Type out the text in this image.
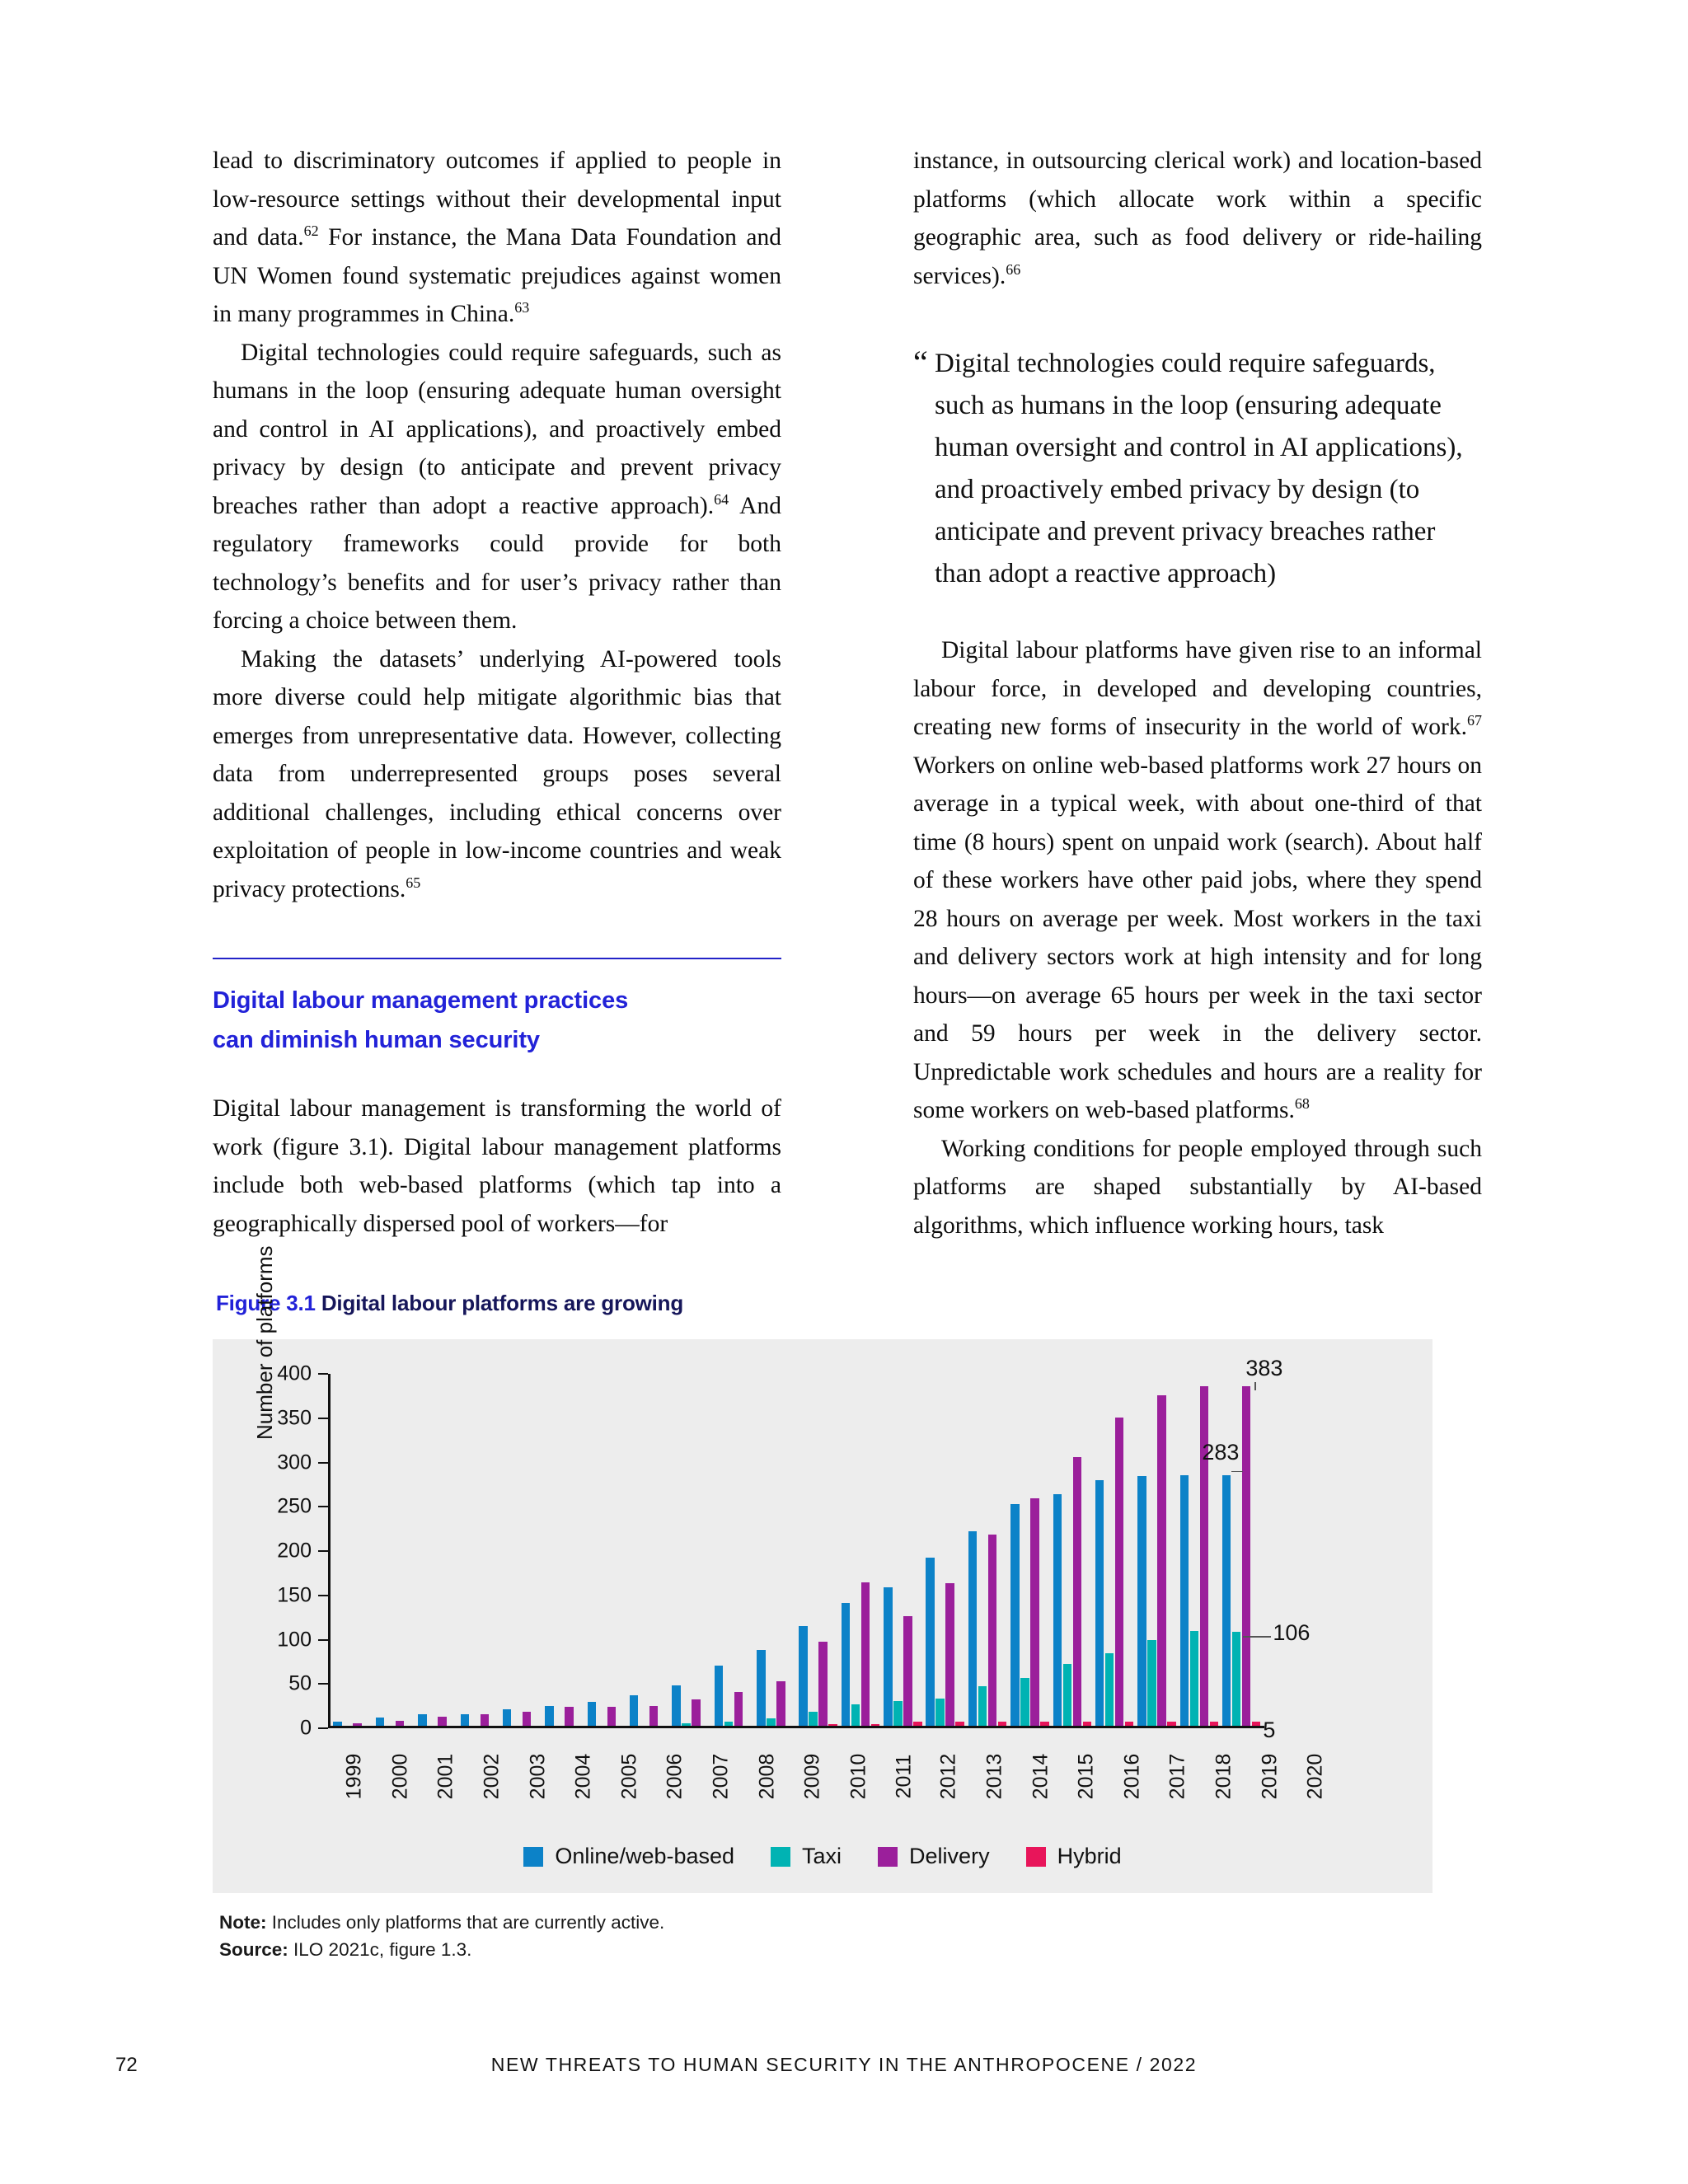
lead to discriminatory outcomes if applied to people in low-resource settings without their developmental input and data.$^{62}$ For instance, the Mana Data Foundation and UN Women found systematic prejudices against women in many programmes in China.$^{63}$

Digital technologies could require safeguards, such as humans in the loop (ensuring adequate human oversight and control in AI applications), and proactively embed privacy by design (to anticipate and prevent privacy breaches rather than adopt a reactive approach).$^{64}$ And regulatory frameworks could provide for both technology’s benefits and for user’s privacy rather than forcing a choice between them.

Making the datasets’ underlying AI-powered tools more diverse could help mitigate algorithmic bias that emerges from unrepresentative data. However, collecting data from underrepresented groups poses several additional challenges, including ethical concerns over exploitation of people in low-income countries and weak privacy protections.$^{65}$

instance, in outsourcing clerical work) and location-based platforms (which allocate work within a specific geographic area, such as food delivery or ride-hailing services).$^{66}$

“ Digital technologies could require safeguards, such as humans in the loop (ensuring adequate human oversight and control in AI applications), and proactively embed privacy by design (to anticipate and prevent privacy breaches rather than adopt a reactive approach)

Digital labour platforms have given rise to an informal labour force, in developed and developing countries, creating new forms of insecurity in the world of work.$^{67}$ Workers on online web-based platforms work 27 hours on average in a typical week, with about one-third of that time (8 hours) spent on unpaid work (search). About half of these workers have other paid jobs, where they spend 28 hours on average per week. Most workers in the taxi and delivery sectors work at high intensity and for long hours—on average 65 hours per week in the taxi sector and 59 hours per week in the delivery sector. Unpredictable work schedules and hours are a reality for some workers on web-based platforms.$^{68}$

Working conditions for people employed through such platforms are shaped substantially by AI-based algorithms, which influence working hours, task

Digital labour management practices
can diminish human security

Digital labour management is transforming the world of work (figure 3.1). Digital labour management platforms include both web-based platforms (which tap into a geographically dispersed pool of workers—for

Figure 3.1 Digital labour platforms are growing
0
50
100
150
200
250
300
350
400	383
283
106
5
Number of platforms
1999 2000 2001 2002 2003 2004 2005 2006 2007 2008 2009 2010 2011 2012 2013 2014 2015 2016 2017 2018 2019 2020
Online/web-based	Taxi	Delivery	Hybrid
Note: Includes only platforms that are currently active.
Source: ILO 2021c, figure 1.3.
72	NEW THREATS TO HUMAN SECURITY IN THE ANTHROPOCENE / 2022
